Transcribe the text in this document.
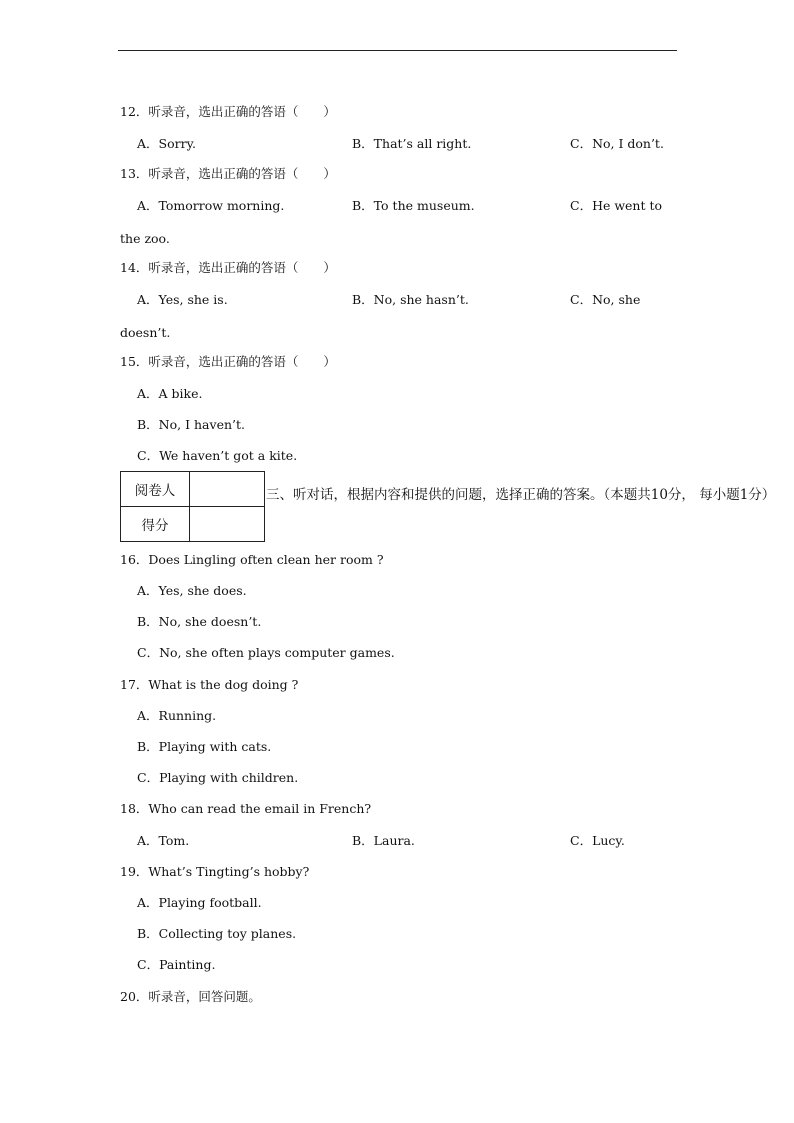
12．听录音，选出正确的答语（　　）
A．Sorry.	B．That’s all right.	C．No, I don’t.
13．听录音，选出正确的答语（　　）
A．Tomorrow morning.	B．To the museum.	C．He went to
the zoo.
14．听录音，选出正确的答语（　　）
A．Yes, she is.	B．No, she hasn’t.	C．No, she
doesn’t.
15．听录音，选出正确的答语（　　）
A．A bike.
B．No, I haven’t.
C．We haven’t got a kite.
阅卷人	
得分	
三、听对话，根据内容和提供的问题，选择正确的答案。（本题共10分， 每小题1分）
16．Does Lingling often clean her room ?
A．Yes, she does.
B．No, she doesn’t.
C．No, she often plays computer games.
17．What is the dog doing ?
A．Running.
B．Playing with cats.
C．Playing with children.
18．Who can read the email in French?
A．Tom.	B．Laura.	C．Lucy.
19．What’s Tingting’s hobby?
A．Playing football.
B．Collecting toy planes.
C．Painting.
20．听录音，回答问题。
